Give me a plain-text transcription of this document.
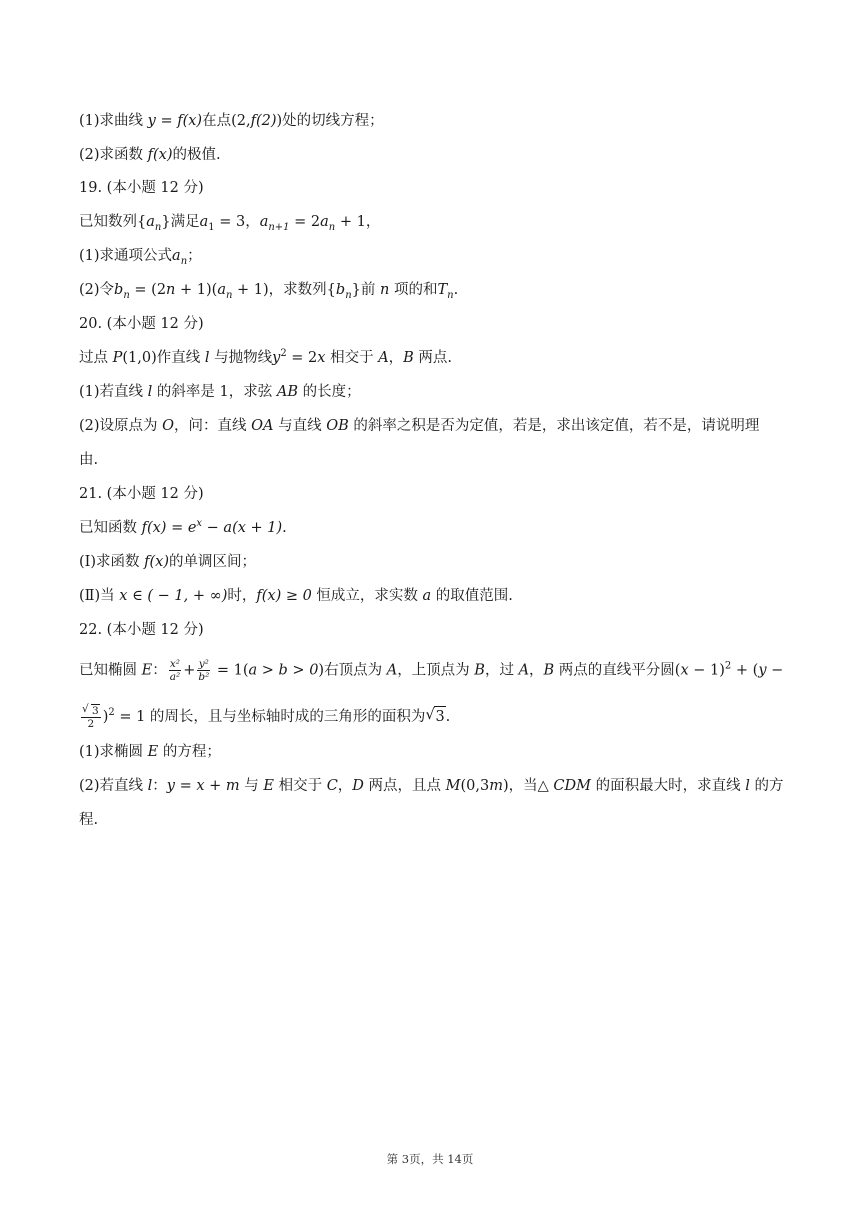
(1)求曲线 y = f(x)在点(2,f(2))处的切线方程；
(2)求函数 f(x)的极值.
19. (本小题 12 分)
已知数列$\{a_n\}$满足$a_1 = 3$，$a_{n+1} = 2a_n + 1$，
(1)求通项公式$a_n$；
(2)令$b_n = (2n + 1)(a_n + 1)$，求数列$\{b_n\}$前 n 项的和$T_n$.
20. (本小题 12 分)
过点 P(1,0)作直线 l 与抛物线$y^2 = 2x$ 相交于 A，B 两点.
(1)若直线 l 的斜率是 1，求弦 AB 的长度；
(2)设原点为 O，问：直线 OA 与直线 OB 的斜率之积是否为定值，若是，求出该定值，若不是，请说明理
由.
21. (本小题 12 分)
已知函数 $f(x) = e^x - a(x + 1)$.
(Ⅰ)求函数 f(x)的单调区间；
(Ⅱ)当 x ∈ ( − 1, + ∞)时，f(x) ≥ 0 恒成立，求实数 a 的取值范围.
22. (本小题 12 分)
已知椭圆 E： $\frac{\text{x²}}{\text{a²}} + \frac{\text{y²}}{\text{b²}} = 1(a > b > 0)$右顶点为 A，上顶点为 B，过 A，B 两点的直线平分圆$(x - 1)^2 + (y$ −
√ $\frac{3}{2} )^2 = 1$ 的周长，且与坐标轴时成的三角形的面积为√ 3.
(1)求椭圆 E 的方程；
(2)若直线 l：y = x + m 与 E 相交于 C，D 两点，且点 M(0,3m)，当△ CDM 的面积最大时，求直线 l 的方
程.
第 3页，共 14页
